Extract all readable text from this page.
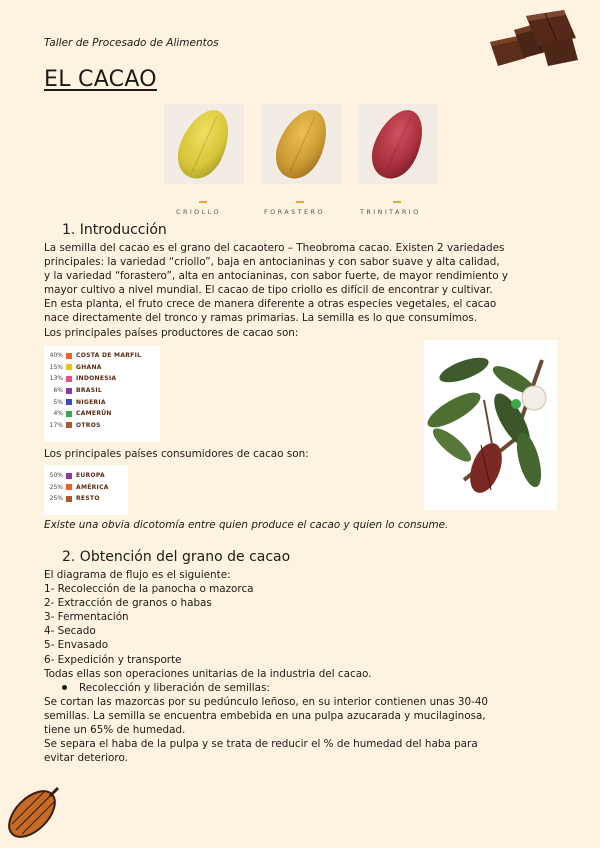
Taller de Procesado de Alimentos
EL CACAO
CRIOLLO	FORASTERO	TRINITARIO
1. Introducción
La semilla del cacao es el grano del cacaotero – Theobroma cacao. Existen 2 variedades
principales: la variedad “criollo”, baja en antocianinas y con sabor suave y alta calidad,
y la variedad “forastero”, alta en antocianinas, con sabor fuerte, de mayor rendimiento y
mayor cultivo a nivel mundial. El cacao de tipo criollo es difícil de encontrar y cultivar.
En esta planta, el fruto crece de manera diferente a otras especies vegetales, el cacao
nace directamente del tronco y ramas primarias. La semilla es lo que consumimos.
Los principales países productores de cacao son:
40% COSTA DE MARFIL
15% GHANA
13% INDONESIA
6% BRASIL
5% NIGERIA
4% CAMERÚN
17% OTROS
Los principales países consumidores de cacao son:
50% EUROPA
25% AMÉRICA
25% RESTO
Existe una obvia dicotomía entre quien produce el cacao y quien lo consume.
2. Obtención del grano de cacao
El diagrama de flujo es el siguiente:
1- Recolección de la panocha o mazorca
2- Extracción de granos o habas
3- Fermentación
4- Secado
5- Envasado
6- Expedición y transporte
Todas ellas son operaciones unitarias de la industria del cacao.
Recolección y liberación de semillas:
Se cortan las mazorcas por su pedúnculo leñoso, en su interior contienen unas 30-40
semillas. La semilla se encuentra embebida en una pulpa azucarada y mucilaginosa,
tiene un 65% de humedad.
Se separa el haba de la pulpa y se trata de reducir el % de humedad del haba para
evitar deterioro.
